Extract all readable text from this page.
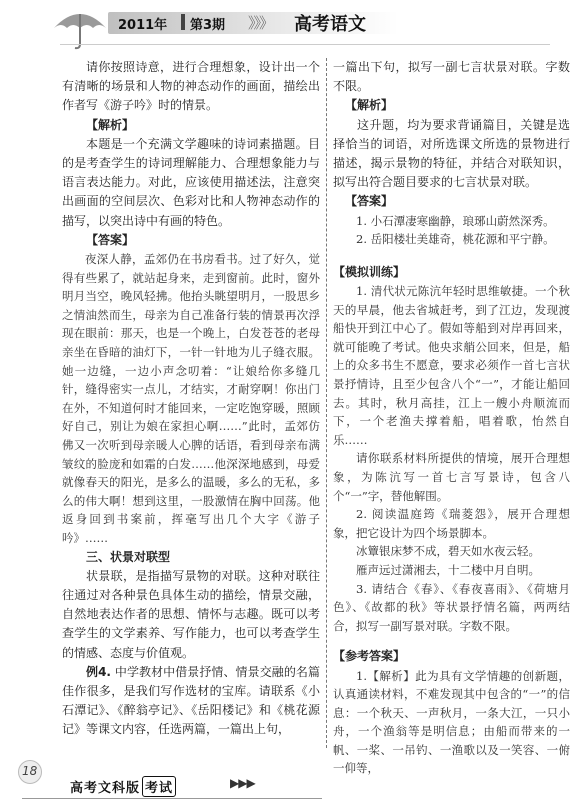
2011年 第3期 》》》 高考语文

请你按照诗意，进行合理想象，设计出一个有清晰的场景和人物的神态动作的画面，描绘出作者写《游子吟》时的情景。

【解析】

本题是一个充满文学趣味的诗词素描题。目的是考查学生的诗词理解能力、合理想象能力与语言表达能力。对此，应该使用描述法，注意突出画面的空间层次、色彩对比和人物神态动作的描写，以突出诗中有画的特色。

【答案】

夜深人静，孟郊仍在书房看书。过了好久，觉得有些累了，就站起身来，走到窗前。此时，窗外明月当空，晚风轻拂。他抬头眺望明月，一股思乡之情油然而生，母亲为自己准备行装的情景再次浮现在眼前：那天，也是一个晚上，白发苍苍的老母亲坐在昏暗的油灯下，一针一针地为儿子缝衣服。她一边缝，一边小声念叨着：“让娘给你多缝几针，缝得密实一点儿，才结实，才耐穿啊！你出门在外，不知道何时才能回来，一定吃饱穿暖，照顾好自己，别让为娘在家担心啊……”此时，孟郊仿佛又一次听到母亲暖人心脾的话语，看到母亲布满皱纹的脸庞和如霜的白发……他深深地感到，母爱就像春天的阳光，是多么的温暖，多么的无私，多么的伟大啊！想到这里，一股激情在胸中回荡。他返身回到书案前，挥毫写出几个大字《游子吟》……

三、状景对联型

状景联，是指描写景物的对联。这种对联往往通过对各种景色具体生动的描绘，情景交融，自然地表达作者的思想、情怀与志趣。既可以考查学生的文学素养、写作能力，也可以考查学生的情感、态度与价值观。

例4. 中学教材中借景抒情、情景交融的名篇佳作很多，是我们写作选材的宝库。请联系《小石潭记》、《醉翁亭记》、《岳阳楼记》和《桃花源记》等课文内容，任选两篇，一篇出上句，

一篇出下句，拟写一副七言状景对联。字数不限。

【解析】

这升题，均为要求背诵篇目，关键是选择恰当的词语，对所选课文所选的景物进行描述，揭示景物的特征，并结合对联知识，拟写出符合题目要求的七言状景对联。

【答案】

1. 小石潭凄寒幽静，琅琊山蔚然深秀。

2. 岳阳楼壮美雄奇，桃花源和平宁静。

【模拟训练】

1. 清代状元陈沆年轻时思维敏捷。一个秋天的早晨，他去省城赶考，到了江边，发现渡船快开到江中心了。假如等船到对岸再回来，就可能晚了考试。他央求艄公回来，但是，船上的众多书生不愿意，要求必须作一首七言状景抒情诗，且至少包含八个“一”，才能让船回去。其时，秋月高挂，江上一艘小舟顺流而下，一个老渔夫撑着船，唱着歌，怡然自乐……

请你联系材料所提供的情境，展开合理想象，为陈沆写一首七言写景诗，包含八个“一”字，替他解围。

2. 阅读温庭筠《瑞菱怨》，展开合理想象，把它设计为四个场景脚本。

冰簟银床梦不成，碧天如水夜云轻。

雁声远过潇湘去，十二楼中月自明。

3. 请结合《春》、《春夜喜雨》、《荷塘月色》、《故都的秋》等状景抒情名篇，两两结合，拟写一副写景对联。字数不限。

【参考答案】

1.【解析】此为具有文学情趣的创新题，认真通读材料，不难发现其中包含的“一”的信息：一个秋天、一声秋月，一条大江，一只小舟，一个渔翁等是明信息；由船而带来的一帆、一桨、一吊钓、一渔歌以及一笑容、一俯一仰等，

18
高考文科版 考试	▶▶▶
